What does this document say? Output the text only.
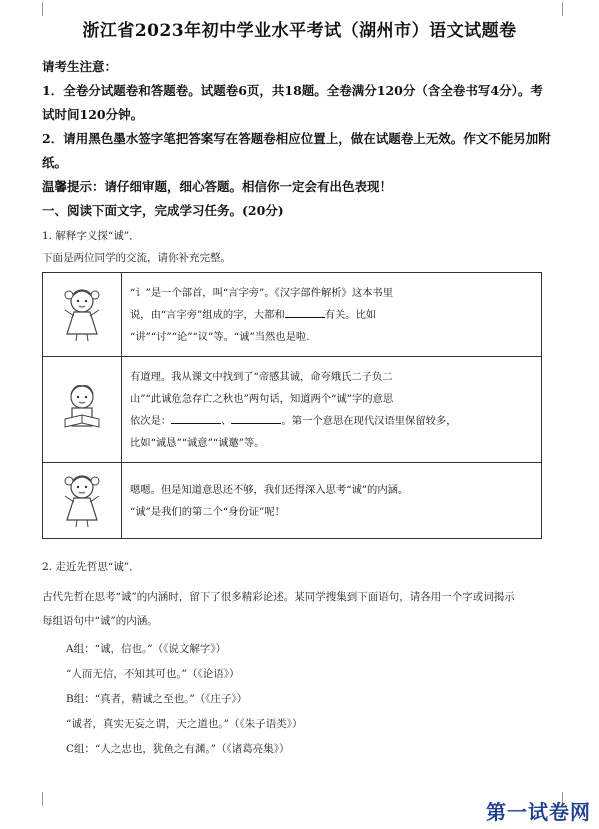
浙江省2023年初中学业水平考试（湖州市）语文试题卷
请考生注意：
1．全卷分试题卷和答题卷。试题卷6页，共18题。全卷满分120分（含全卷书写4分）。考
试时间120分钟。
2．请用黑色墨水签字笔把答案写在答题卷相应位置上，做在试题卷上无效。作文不能另加附
纸。
温馨提示：请仔细审题，细心答题。相信你一定会有出色表现！
一、阅读下面文字，完成学习任务。(20分)
1. 解释字义探“诚”．
下面是两位同学的交流，请你补充完整。

“讠”是一个部首，叫“言字旁”。《汉字部件解析》这本书里
说，由“言字旁”组成的字，大都和 有关。比如
“讲”“讨”“论”“议”等。“诚”当然也是啦.

有道理。我从课文中找到了“帝感其诚，命夸娥氏二子负二
山”“此诚危急存亡之秋也”两句话，知道两个“诚”字的意思
依次是： 、 。第一个意思在现代汉语里保留较多，
比如“诚恳”“诚意”“诚邀”等。

嗯嗯。但是知道意思还不够，我们还得深入思考“诚”的内涵。
“诚”是我们的第二个“身份证”呢！
2. 走近先哲思“诚”．
古代先哲在思考“诚”的内涵时，留下了很多精彩论述。某同学搜集到下面语句，请各用一个字或词揭示
每组语句中“诚”的内涵。
A组：“诚，信也。”（《说文解字》）
“人而无信，不知其可也。”（《论语》）
B组：“真者，精诚之至也。”（《庄子》）
“诚者，真实无妄之谓，天之道也。”（《朱子语类》）
C组：“人之忠也，犹鱼之有渊。”（《诸葛亮集》）
第一试卷网
